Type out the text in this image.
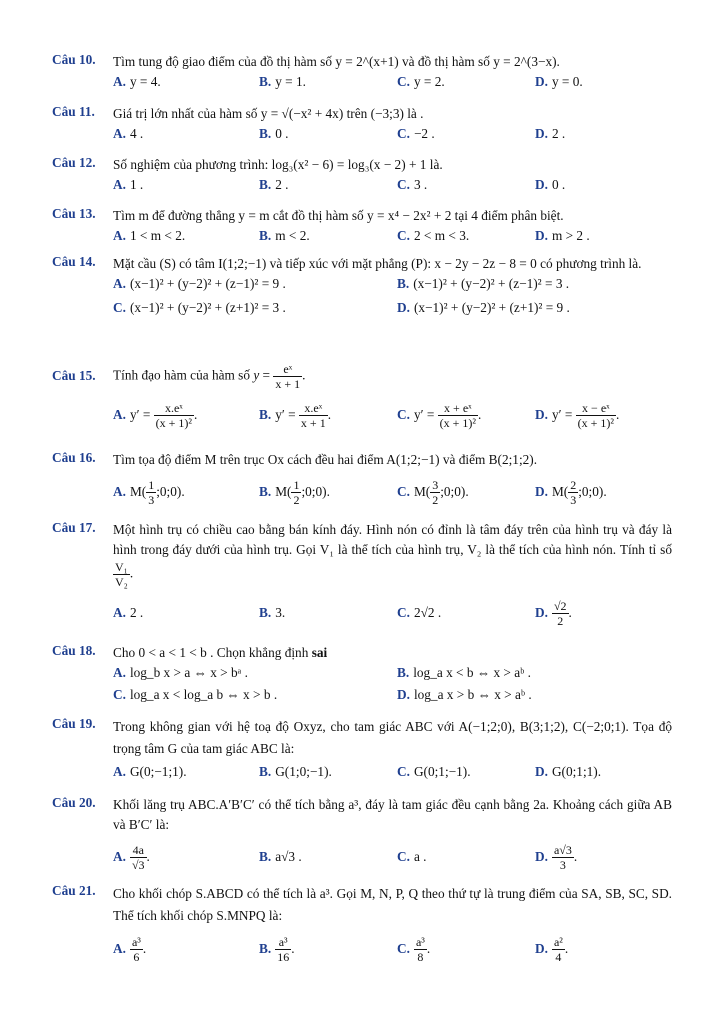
Câu 10. Tìm tung độ giao điểm của đồ thị hàm số y = 2^(x+1) và đồ thị hàm số y = 2^(3−x).
A. y = 4.	B. y = 1.	C. y = 2.	D. y = 0.
Câu 11. Giá trị lớn nhất của hàm số y = √(−x² + 4x) trên (−3;3) là .
A. 4 .	B. 0 .	C. −2 .	D. 2 .
Câu 12. Số nghiệm của phương trình: log₃(x² − 6) = log₃(x − 2) + 1 là.
A. 1 .	B. 2 .	C. 3 .	D. 0 .
Câu 13. Tìm m để đường thẳng y = m cắt đồ thị hàm số y = x⁴ − 2x² + 2 tại 4 điểm phân biệt.
A. 1 < m < 2.	B. m < 2.	C. 2 < m < 3.	D. m > 2 .
Câu 14. Mặt cầu (S) có tâm I(1;2;−1) và tiếp xúc với mặt phẳng (P): x − 2y − 2z − 8 = 0 có phương trình là.
A. (x−1)² + (y−2)² + (z−1)² = 9 .	B. (x−1)² + (y−2)² + (z−1)² = 3 .
C. (x−1)² + (y−2)² + (z+1)² = 3 .	D. (x−1)² + (y−2)² + (z+1)² = 9 .
Câu 15. Tính đạo hàm của hàm số $y = \frac{\text{eˣ}}{x + 1}$ .
A. $y' = \frac{\text{x.eˣ}}{\text{(x + 1)²}}$ .	B. $y' = \frac{\text{x.eˣ}}{x + 1}$ .	C. $y' = \frac{\text{x + eˣ}}{\text{(x + 1)²}}$ .	D. $y' = \frac{\text{x − eˣ}}{\text{(x + 1)²}}$ .
Câu 16. Tìm tọa độ điểm M trên trục Ox cách đều hai điểm A(1;2;−1) và điểm B(2;1;2).
A. $M( \frac{1}{3}$ ;0;0).	B. $M( \frac{1}{2}$ ;0;0).	C. $M( \frac{3}{2}$ ;0;0).	D. $M( \frac{2}{3}$ ;0;0).
Câu 17. Một hình trụ có chiều cao bằng bán kính đáy. Hình nón có đỉnh là tâm đáy trên của hình trụ và đáy là hình trong đáy dưới của hình trụ. Gọi V₁ là thể tích của hình trụ, V₂ là thể tích của hình nón. Tính tỉ số
$\frac{\text{V₁}}{\text{V₂}}$ .
A. 2 .	B. 3.	C. 2√2 .	D. $\frac{√2}{2}$ .
Câu 18. Cho 0 < a < 1 < b . Chọn khẳng định sai
A. log_b x > a ⇔ x > bᵃ .	B. log_a x < b ⇔ x > aᵇ .
C. log_a x < log_a b ⇔ x > b .	D. log_a x > b ⇔ x > aᵇ .
Câu 19. Trong không gian với hệ toạ độ Oxyz, cho tam giác ABC với A(−1;2;0), B(3;1;2), C(−2;0;1). Tọa độ trọng tâm G của tam giác ABC là:
A. G(0;−1;1).	B. G(1;0;−1).	C. G(0;1;−1).	D. G(0;1;1).
Câu 20. Khối lăng trụ ABC.A′B′C′ có thể tích bằng a³, đáy là tam giác đều cạnh bằng 2a. Khoảng cách giữa AB và B′C′ là:
A. $\frac{4a}{√3}$ .	B. a√3 .	C. a .	D. $\frac{a√3}{3}$ .
Câu 21. Cho khối chóp S.ABCD có thể tích là a³. Gọi M, N, P, Q theo thứ tự là trung điểm của SA, SB, SC, SD. Thể tích khối chóp S.MNPQ là:
A. $\frac{\text{a³}}{6}$ .	B. $\frac{\text{a³}}{16}$ .	C. $\frac{\text{a³}}{8}$ .	D. $\frac{\text{a²}}{4}$ .
